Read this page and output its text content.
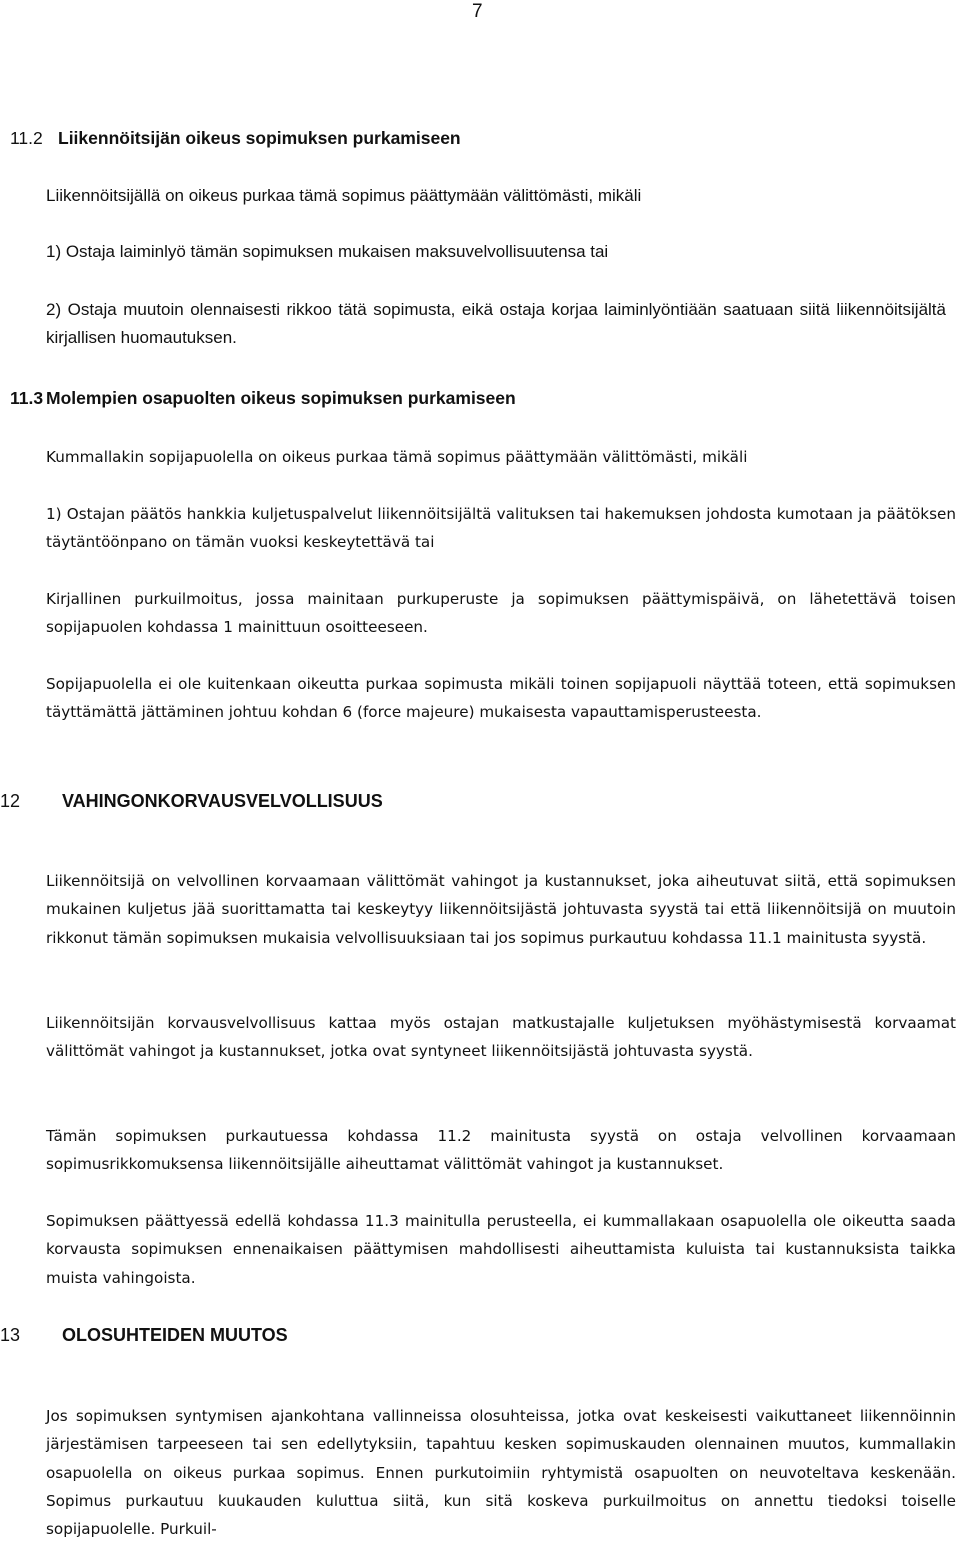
7
11.2 Liikennöitsijän oikeus sopimuksen purkamiseen
Liikennöitsijällä on oikeus purkaa tämä sopimus päättymään välittömästi, mikäli
1) Ostaja laiminlyö tämän sopimuksen mukaisen maksuvelvollisuutensa tai
2) Ostaja muutoin olennaisesti rikkoo tätä sopimusta, eikä ostaja korjaa laiminlyöntiään saatuaan siitä liikennöitsijältä kirjallisen huomautuksen.
11.3 Molempien osapuolten oikeus sopimuksen purkamiseen
Kummallakin sopijapuolella on oikeus purkaa tämä sopimus päättymään välittömästi, mikäli
1) Ostajan päätös hankkia kuljetuspalvelut liikennöitsijältä valituksen tai hakemuksen johdosta kumotaan ja päätöksen täytäntöönpano on tämän vuoksi keskeytettävä tai
Kirjallinen purkuilmoitus, jossa mainitaan purkuperuste ja sopimuksen päättymispäivä, on lähetettävä toisen sopijapuolen kohdassa 1 mainittuun osoitteeseen.
Sopijapuolella ei ole kuitenkaan oikeutta purkaa sopimusta mikäli toinen sopijapuoli näyttää toteen, että sopimuksen täyttämättä jättäminen johtuu kohdan 6 (force majeure) mukaisesta vapauttamisperusteesta.
12 VAHINGONKORVAUSVELVOLLISUUS
Liikennöitsijä on velvollinen korvaamaan välittömät vahingot ja kustannukset, joka aiheutuvat siitä, että sopimuksen mukainen kuljetus jää suorittamatta tai keskeytyy liikennöitsijästä johtuvasta syystä tai että liikennöitsijä on muutoin rikkonut tämän sopimuksen mukaisia velvollisuuksiaan tai jos sopimus purkautuu kohdassa 11.1 mainitusta syystä.
Liikennöitsijän korvausvelvollisuus kattaa myös ostajan matkustajalle kuljetuksen myöhästymisestä korvaamat välittömät vahingot ja kustannukset, jotka ovat syntyneet liikennöitsijästä johtuvasta syystä.
Tämän sopimuksen purkautuessa kohdassa 11.2 mainitusta syystä on ostaja velvollinen korvaamaan sopimusrikkomuksensa liikennöitsijälle aiheuttamat välittömät vahingot ja kustannukset.
Sopimuksen päättyessä edellä kohdassa 11.3 mainitulla perusteella, ei kummallakaan osapuolella ole oikeutta saada korvausta sopimuksen ennenaikaisen päättymisen mahdollisesti aiheuttamista kuluista tai kustannuksista taikka muista vahingoista.
13 OLOSUHTEIDEN MUUTOS
Jos sopimuksen syntymisen ajankohtana vallinneissa olosuhteissa, jotka ovat keskeisesti vaikuttaneet liikennöinnin järjestämisen tarpeeseen tai sen edellytyksiin, tapahtuu kesken sopimuskauden olennainen muutos, kummallakin osapuolella on oikeus purkaa sopimus. Ennen purkutoimiin ryhtymistä osapuolten on neuvoteltava keskenään. Sopimus purkautuu kuukauden kuluttua siitä, kun sitä koskeva purkuilmoitus on annettu tiedoksi toiselle sopijapuolelle. Purkuil-
